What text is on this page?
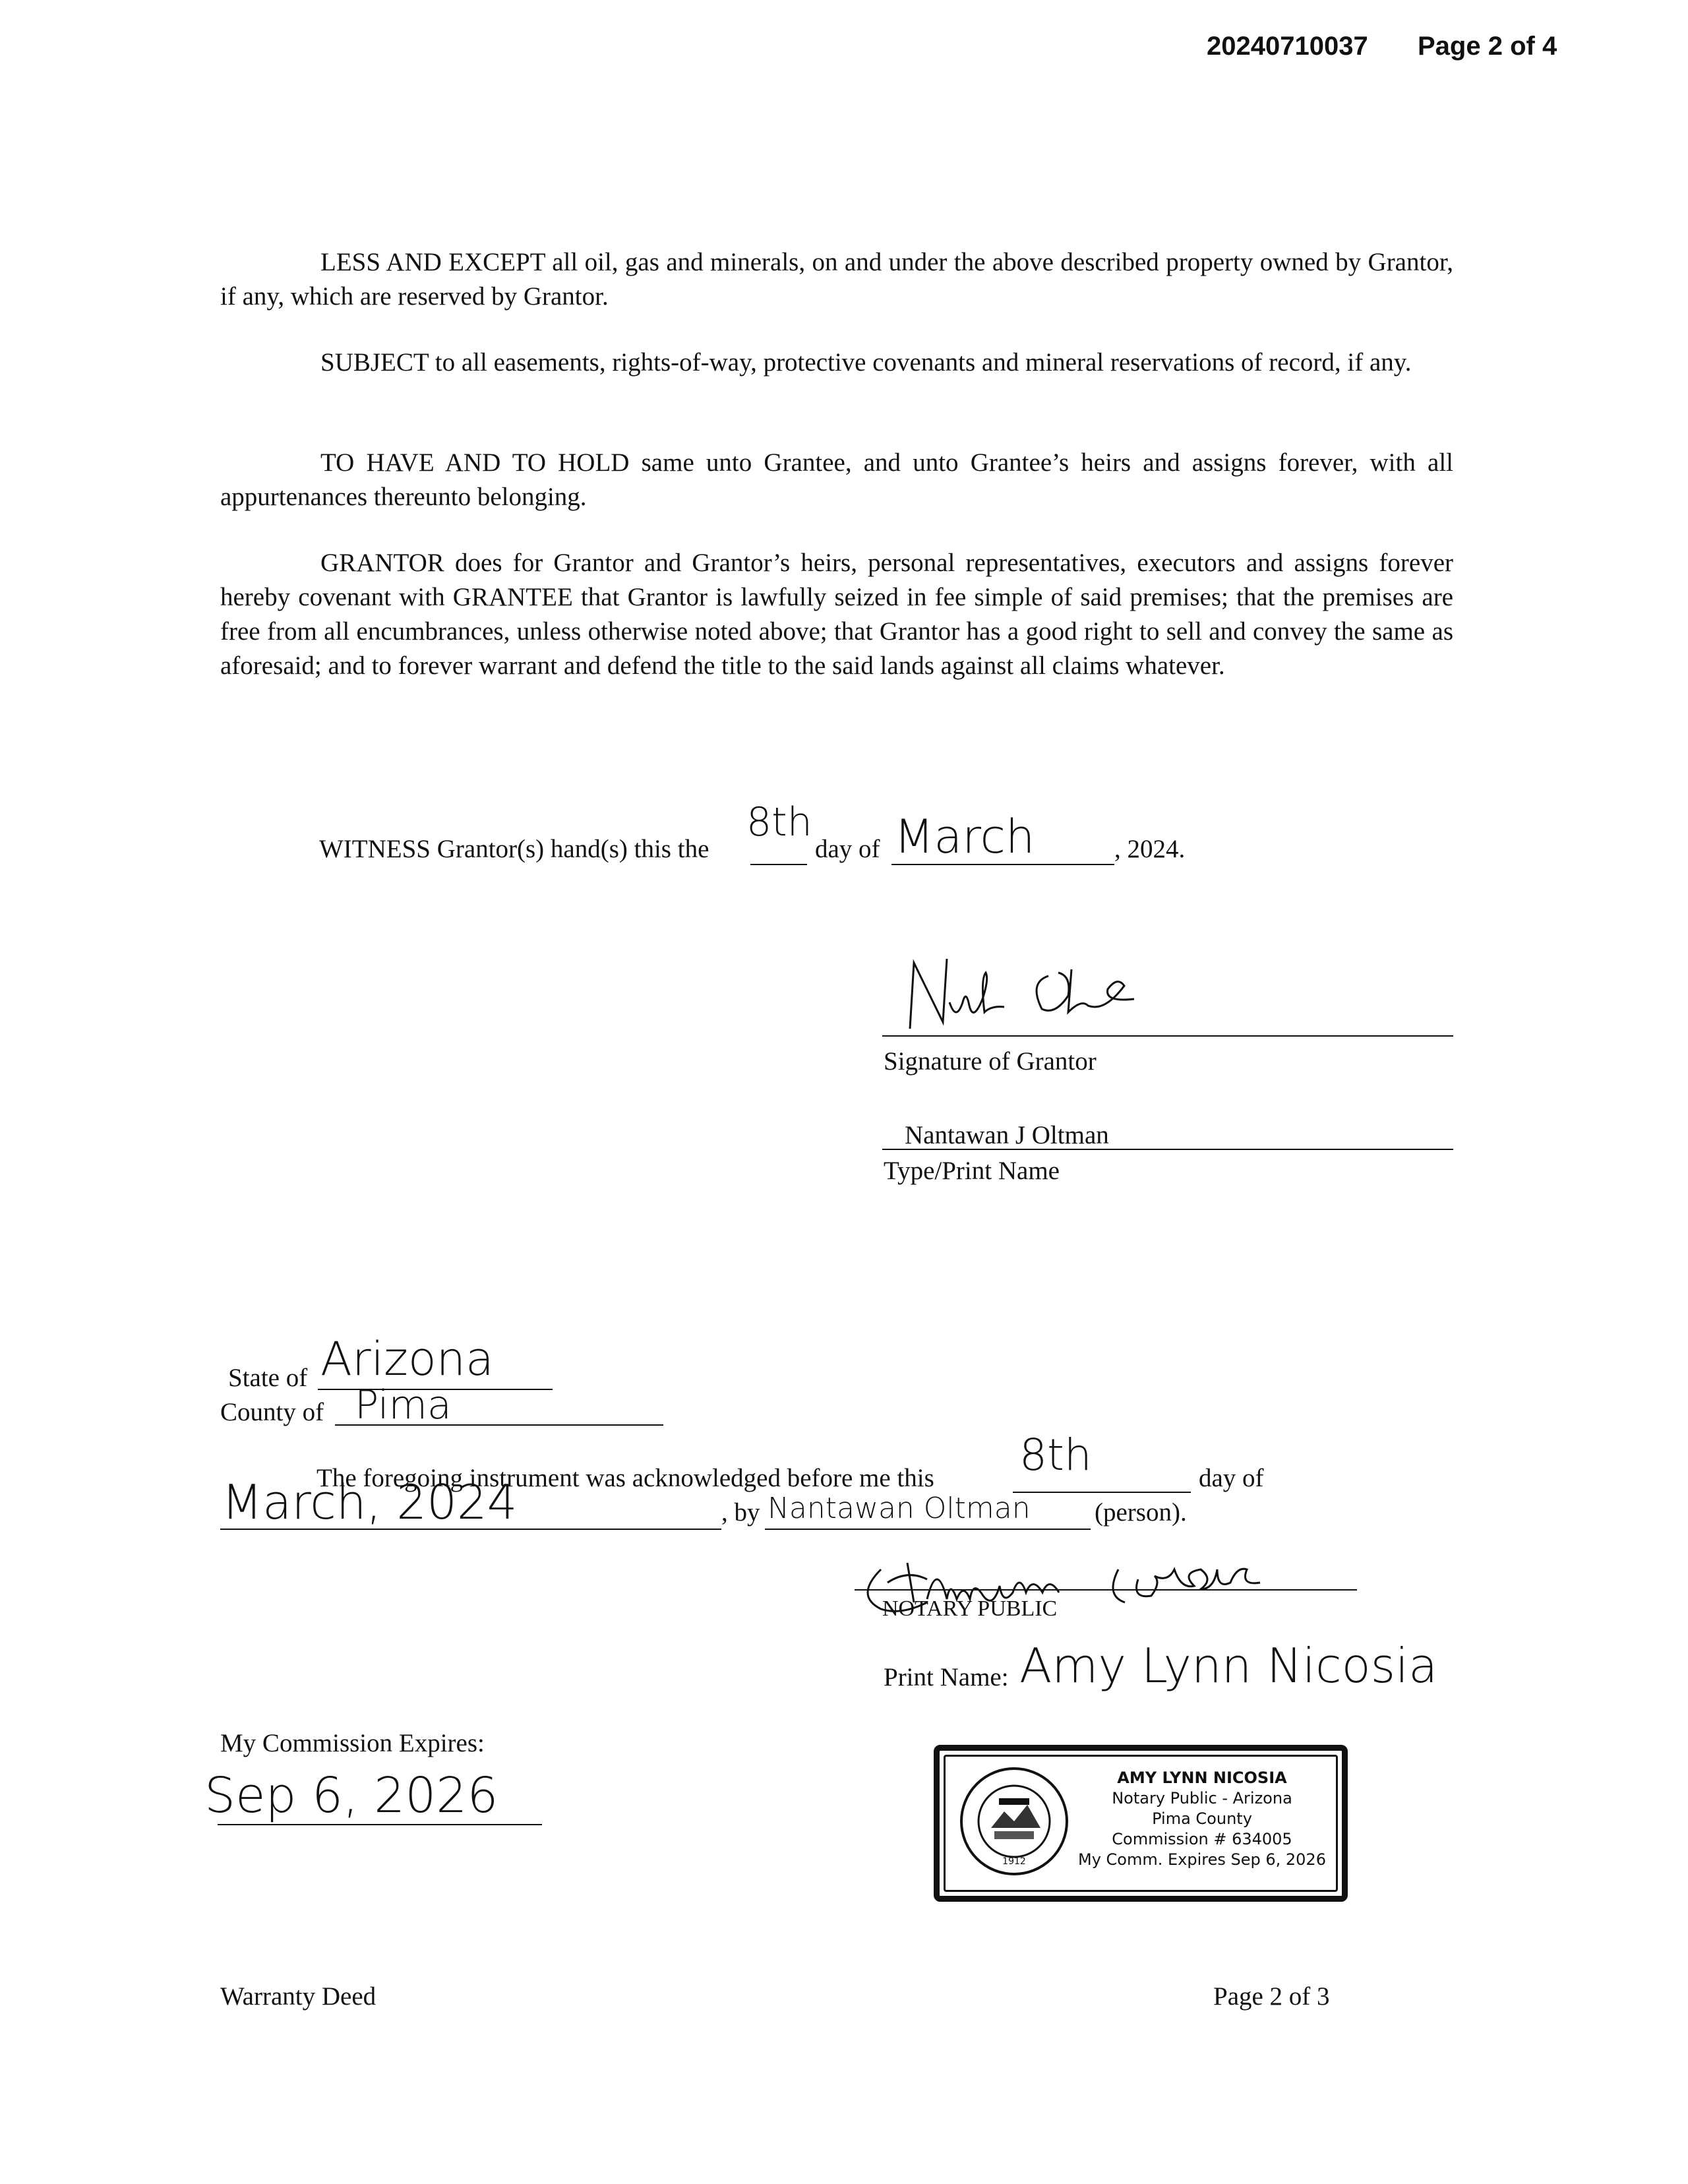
20240710037 Page 2 of 4
LESS AND EXCEPT all oil, gas and minerals, on and under the above described property owned by Grantor, if any, which are reserved by Grantor.
SUBJECT to all easements, rights-of-way, protective covenants and mineral reservations of record, if any.
TO HAVE AND TO HOLD same unto Grantee, and unto Grantee’s heirs and assigns forever, with all appurtenances thereunto belonging.
GRANTOR does for Grantor and Grantor’s heirs, personal representatives, executors and assigns forever hereby covenant with GRANTEE that Grantor is lawfully seized in fee simple of said premises; that the premises are free from all encumbrances, unless otherwise noted above; that Grantor has a good right to sell and convey the same as aforesaid; and to forever warrant and defend the title to the said lands against all claims whatever.
WITNESS Grantor(s) hand(s) this the
8th
day of March	, 2024.
Signature of Grantor
Nantawan J Oltman
Type/Print Name
State of Arizona
County of Pima
The foregoing instrument was acknowledged before me this 8th	day of
March, 2024	, by Nantawan Oltman (person).
NOTARY PUBLIC
Print Name: Amy Lynn Nicosia
My Commission Expires:
Sep 6, 2026
1912
AMY LYNN NICOSIA
Notary Public - Arizona
Pima County
Commission # 634005
My Comm. Expires Sep 6, 2026
Warranty Deed	Page 2 of 3
